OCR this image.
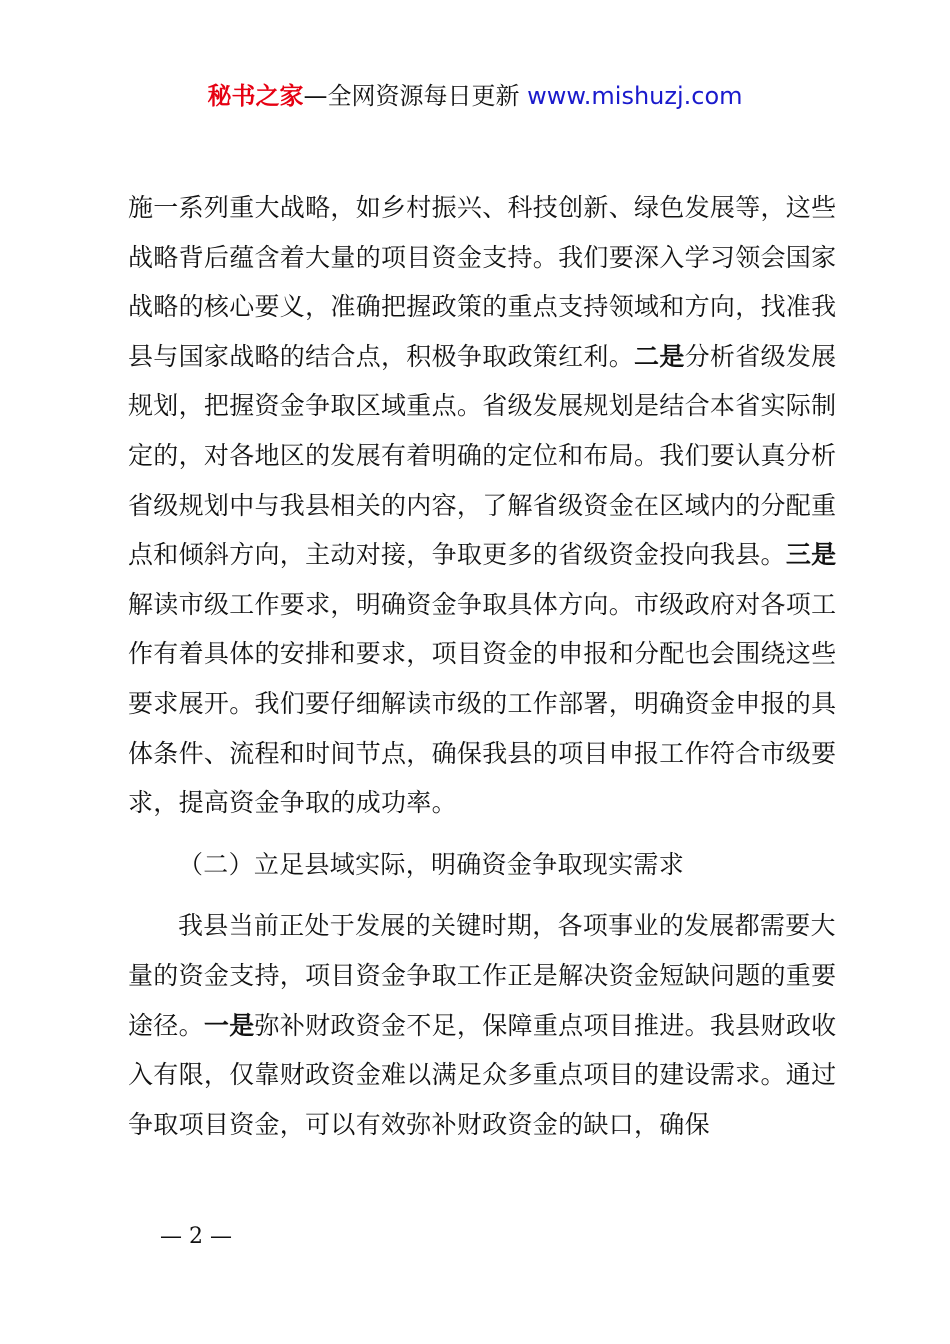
秘书之家—全网资源每日更新 www.mishuzj.com

施一系列重大战略，如乡村振兴、科技创新、绿色发展等，这些战略背后蕴含着大量的项目资金支持。我们要深入学习领会国家战略的核心要义，准确把握政策的重点支持领域和方向，找准我县与国家战略的结合点，积极争取政策红利。二是分析省级发展规划，把握资金争取区域重点。省级发展规划是结合本省实际制定的，对各地区的发展有着明确的定位和布局。我们要认真分析省级规划中与我县相关的内容，了解省级资金在区域内的分配重点和倾斜方向，主动对接，争取更多的省级资金投向我县。三是解读市级工作要求，明确资金争取具体方向。市级政府对各项工作有着具体的安排和要求，项目资金的申报和分配也会围绕这些要求展开。我们要仔细解读市级的工作部署，明确资金申报的具体条件、流程和时间节点，确保我县的项目申报工作符合市级要求，提高资金争取的成功率。

（二）立足县域实际，明确资金争取现实需求

我县当前正处于发展的关键时期，各项事业的发展都需要大量的资金支持，项目资金争取工作正是解决资金短缺问题的重要途径。一是弥补财政资金不足，保障重点项目推进。我县财政收入有限，仅靠财政资金难以满足众多重点项目的建设需求。通过争取项目资金，可以有效弥补财政资金的缺口，确保

— 2 —
